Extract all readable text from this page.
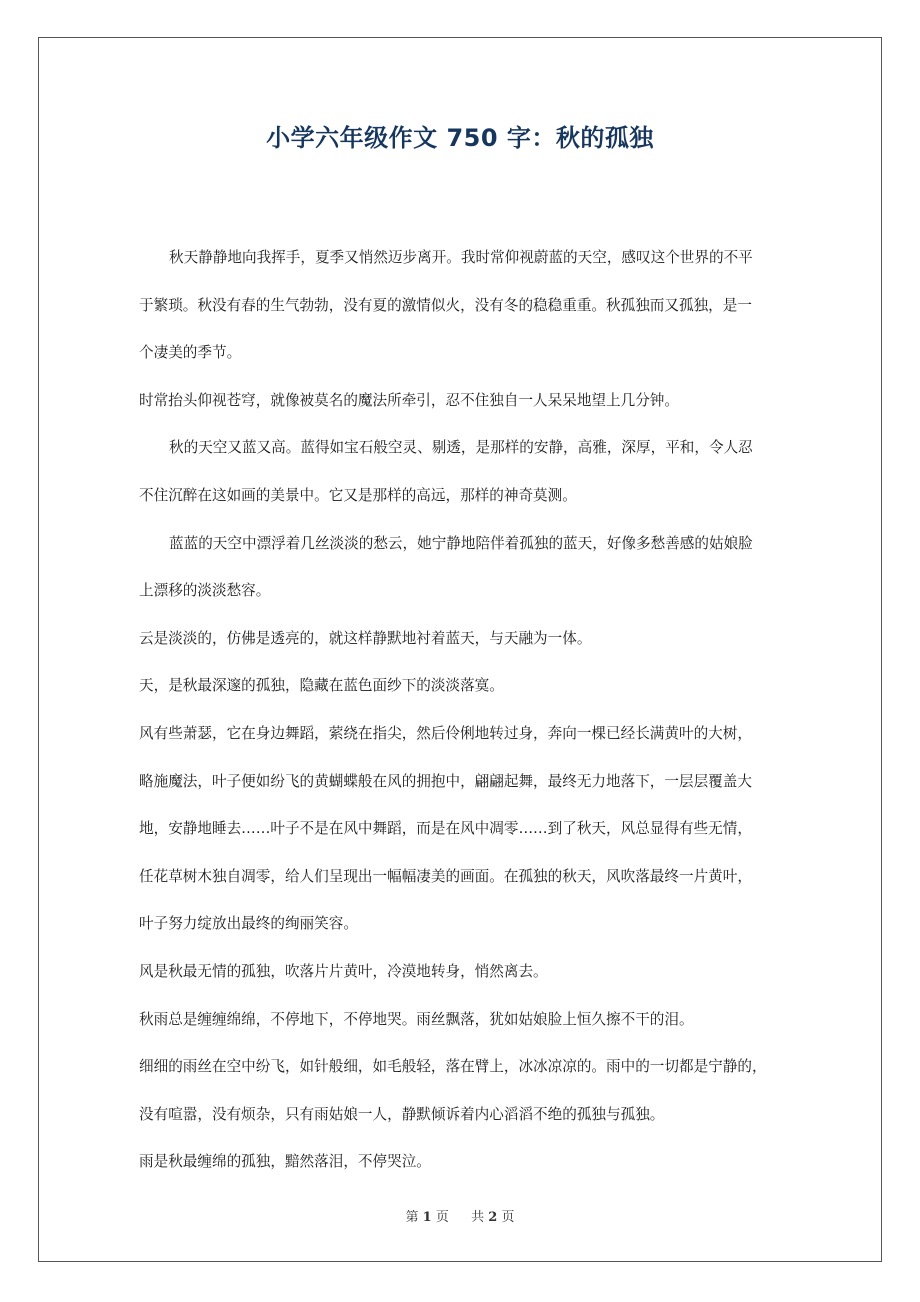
小学六年级作文 750 字：秋的孤独
秋天静静地向我挥手，夏季又悄然迈步离开。我时常仰视蔚蓝的天空，感叹这个世界的不平
于繁琐。秋没有春的生气勃勃，没有夏的激情似火，没有冬的稳稳重重。秋孤独而又孤独，是一
个凄美的季节。
时常抬头仰视苍穹，就像被莫名的魔法所牵引，忍不住独自一人呆呆地望上几分钟。
秋的天空又蓝又高。蓝得如宝石般空灵、剔透，是那样的安静，高雅，深厚，平和，令人忍
不住沉醉在这如画的美景中。它又是那样的高远，那样的神奇莫测。
蓝蓝的天空中漂浮着几丝淡淡的愁云，她宁静地陪伴着孤独的蓝天，好像多愁善感的姑娘脸
上漂移的淡淡愁容。
云是淡淡的，仿佛是透亮的，就这样静默地衬着蓝天，与天融为一体。
天，是秋最深邃的孤独，隐藏在蓝色面纱下的淡淡落寞。
风有些萧瑟，它在身边舞蹈，萦绕在指尖，然后伶俐地转过身，奔向一棵已经长满黄叶的大树，
略施魔法，叶子便如纷飞的黄蝴蝶般在风的拥抱中，翩翩起舞，最终无力地落下，一层层覆盖大
地，安静地睡去……叶子不是在风中舞蹈，而是在风中凋零……到了秋天，风总显得有些无情，
任花草树木独自凋零，给人们呈现出一幅幅凄美的画面。在孤独的秋天，风吹落最终一片黄叶，
叶子努力绽放出最终的绚丽笑容。
风是秋最无情的孤独，吹落片片黄叶，冷漠地转身，悄然离去。
秋雨总是缠缠绵绵，不停地下，不停地哭。雨丝飘落，犹如姑娘脸上恒久擦不干的泪。
细细的雨丝在空中纷飞，如针般细，如毛般轻，落在臂上，冰冰凉凉的。雨中的一切都是宁静的，
没有喧嚣，没有烦杂，只有雨姑娘一人，静默倾诉着内心滔滔不绝的孤独与孤独。
雨是秋最缠绵的孤独，黯然落泪，不停哭泣。
第 1 页 共 2 页
